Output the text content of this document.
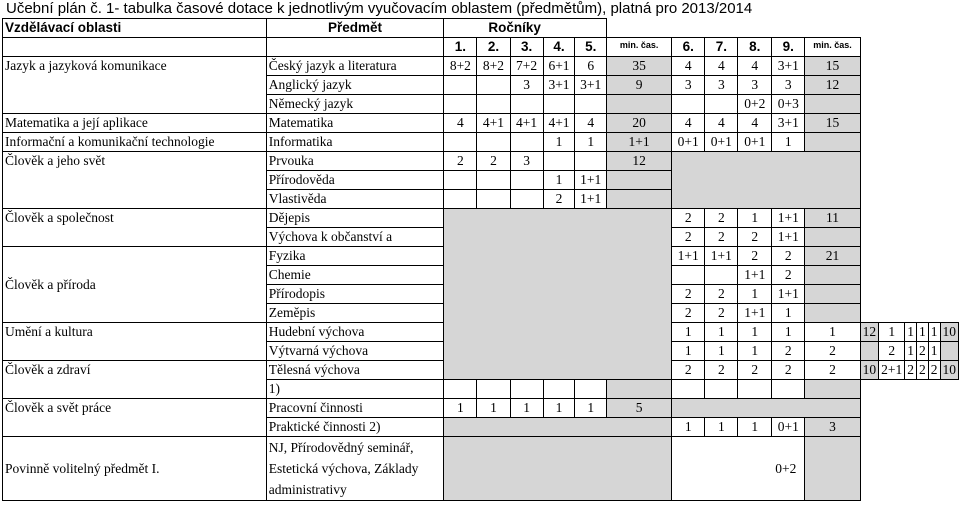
Učební plán č. 1- tabulka časové dotace k jednotlivým vyučovacím oblastem (předmětům), platná pro 2013/2014
Vzdělávací oblasti	Předmět	Ročníky																
		1.	2.	3.	4.	5.	min. čas.	6.	7.	8.	9.	min. čas.						
Jazyk a jazyková komunikace	Český jazyk a literatura	8+2	8+2	7+2	6+1	6	35	4	4	4	3+1	15						
	Anglický jazyk			3	3+1	3+1	9	3	3	3	3	12						
	Německý jazyk									0+2	0+3							
Matematika a její aplikace	Matematika	4	4+1	4+1	4+1	4	20	4	4	4	3+1	15						
Informační a komunikační technologie	Informatika				1	1	1+1	0+1	0+1	0+1	1							
Člověk a jeho svět	Prvouka	2	2	3			12											
	Přírodověda				1	1+1												
	Vlastivěda				2	1+1												
Člověk a společnost	Dějepis							2	2	1	1+1	11						
	Výchova k občanství a							2	2	2	1+1							
Člověk a příroda	Fyzika							1+1	1+1	2	2	21						
	Chemie									1+1	2							
	Přírodopis							2	2	1	1+1							
	Zeměpis							2	2	1+1	1							
Umění a kultura	Hudební výchova							1	1	1	1	1	12	1	1	1	1	10
	Výtvarná výchova							1	1	1	2	2		2	1	2	1	
Člověk a zdraví	Tělesná výchova							2	2	2	2	2	10	2+1	2	2	2	10
	1)																	
Člověk a svět práce	Pracovní činnosti	1	1	1	1	1	5											
	Praktické činnosti 2)							1	1	1	0+1	3						
Povinně volitelný předmět I.	NJ, Přírodovědný seminář, Estetická výchova, Základy administrativy							0+2										
